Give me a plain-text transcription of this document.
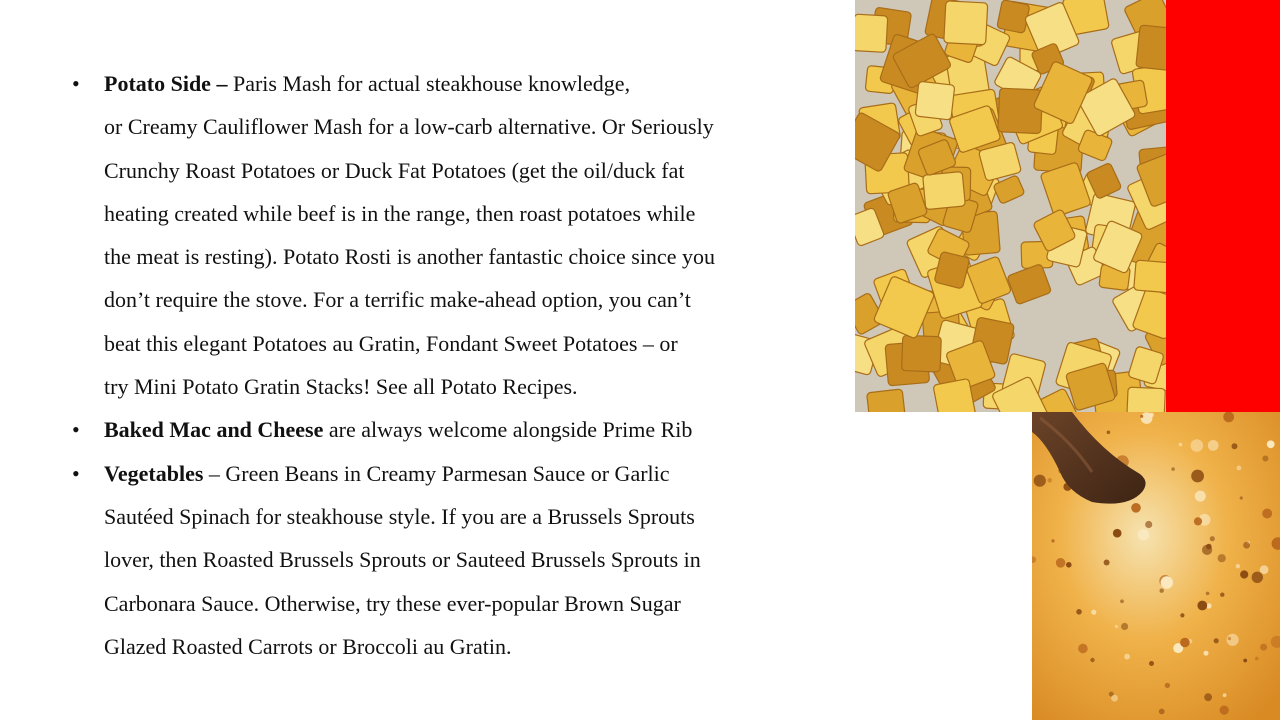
• Potato Side – Paris Mash for actual steakhouse knowledge,
or Creamy Cauliflower Mash for a low-carb alternative. Or Seriously
Crunchy Roast Potatoes or Duck Fat Potatoes (get the oil/duck fat
heating created while beef is in the range, then roast potatoes while
the meat is resting). Potato Rosti is another fantastic choice since you
don’t require the stove. For a terrific make-ahead option, you can’t
beat this elegant Potatoes au Gratin, Fondant Sweet Potatoes – or
try Mini Potato Gratin Stacks! See all Potato Recipes.
• Baked Mac and Cheese are always welcome alongside Prime Rib
• Vegetables – Green Beans in Creamy Parmesan Sauce or Garlic
Sautéed Spinach for steakhouse style. If you are a Brussels Sprouts
lover, then Roasted Brussels Sprouts or Sauteed Brussels Sprouts in
Carbonara Sauce. Otherwise, try these ever-popular Brown Sugar
Glazed Roasted Carrots or Broccoli au Gratin.
